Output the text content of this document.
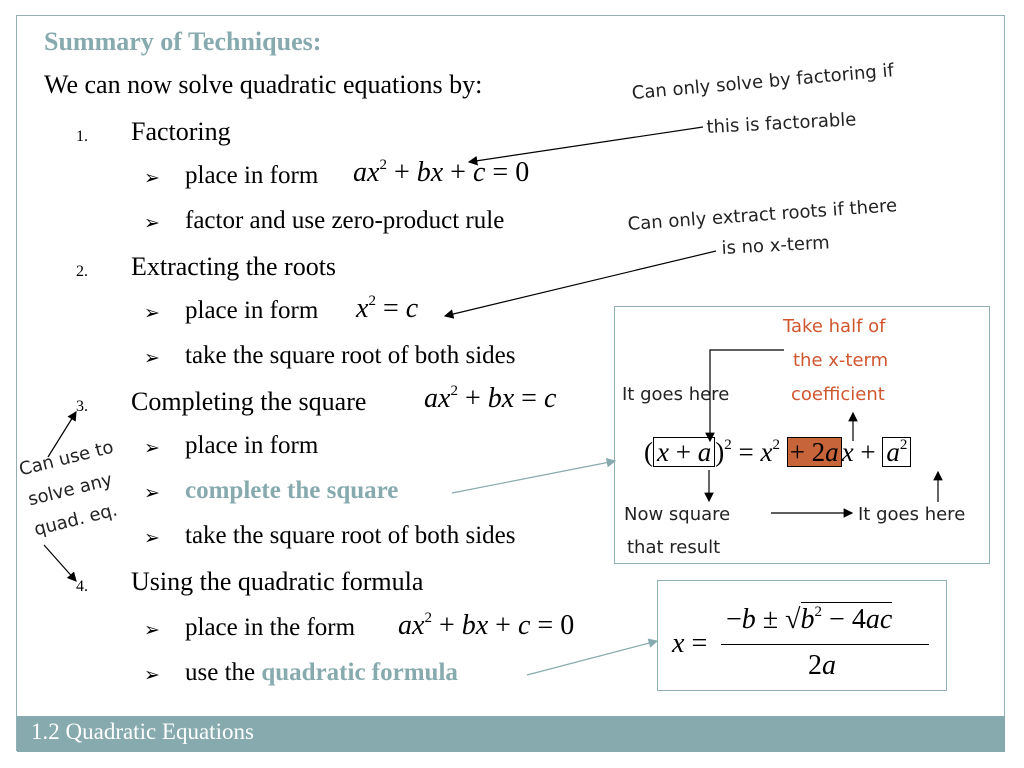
Summary of Techniques:
We can now solve quadratic equations by:
1. Factoring
➢ place in form $ax^2$ + bx + c = 0
➢ factor and use zero-product rule
2. Extracting the roots
➢ place in form $x^2 = c$
➢ take the square root of both sides
3. Completing the square $ax^2$ + bx = c
➢ place in form
➢ complete the square
➢ take the square root of both sides
4. Using the quadratic formula
➢ place in the form $ax^2$ + bx + c = 0
➢ use the quadratic formula
( x + a )$^2 = x^2 + 2a$ $x + a^2$
Take half of
the x-term
coefficient
It goes here
Now square
that result
It goes here
x =
$-b \pm √b^2 - 4ac$
2a
Can only solve by factoring if
this is factorable
Can only extract roots if there
is no x-term
Can use to
solve any
quad. eq.
1.2 Quadratic Equations
